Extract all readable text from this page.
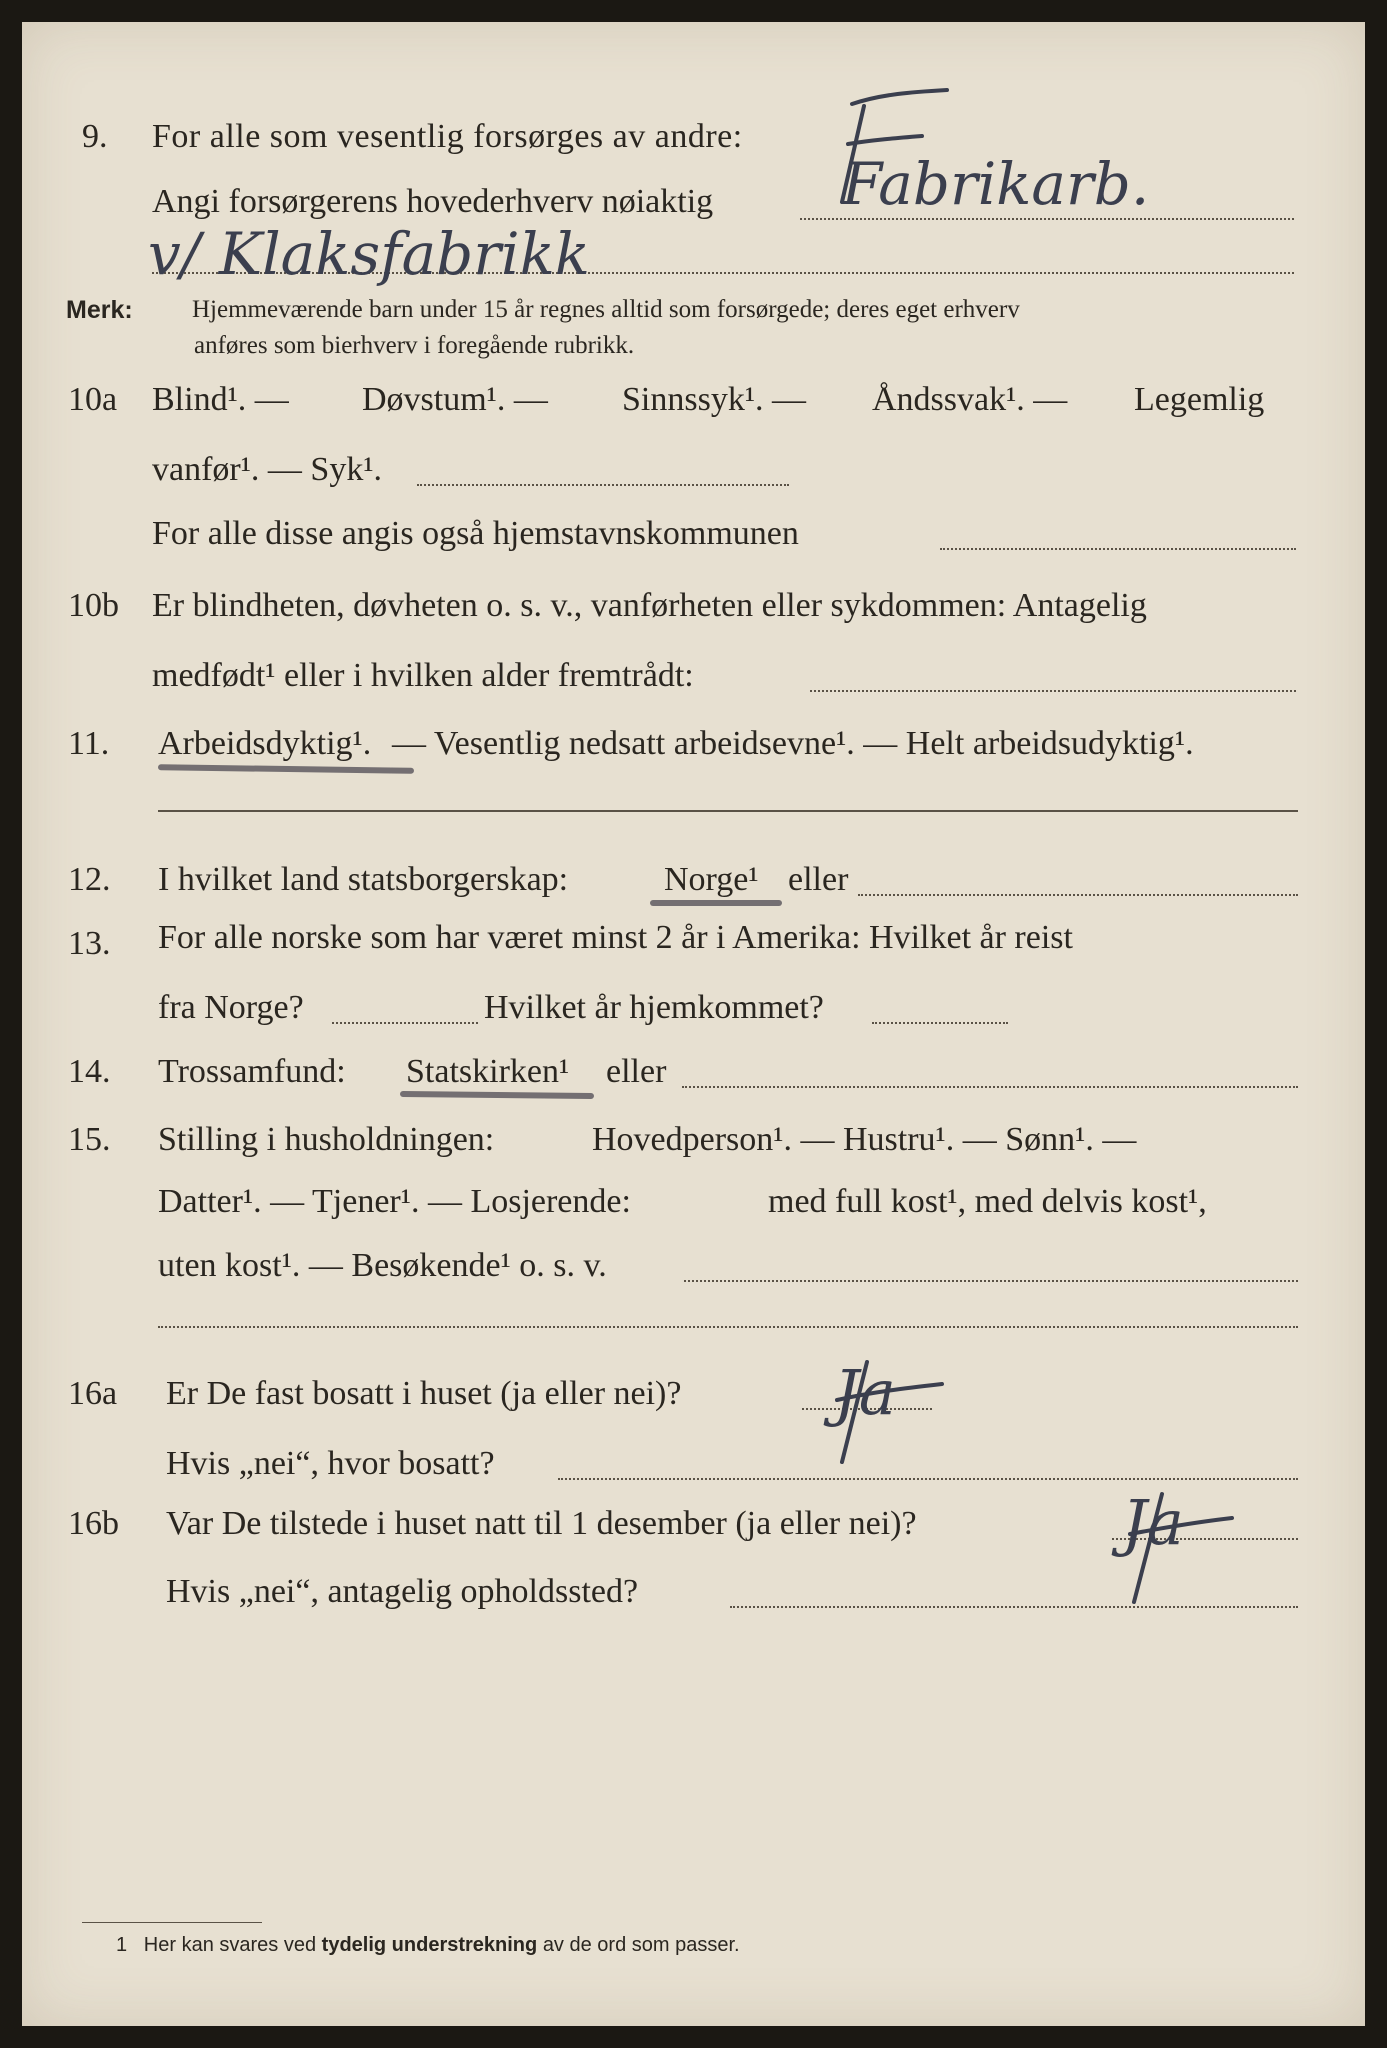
9. For alle som vesentlig forsørges av andre:
Angi forsørgerens hovederhverv nøiaktig
Merk: Hjemmeværende barn under 15 år regnes alltid som forsørgede; deres eget erhverv
anføres som bierhverv i foregående rubrikk.
10a Blind¹. — Døvstum¹. — Sinnssyk¹. — Åndssvak¹. — Legemlig
vanfør¹. — Syk¹.
For alle disse angis også hjemstavnskommunen
10b Er blindheten, døvheten o. s. v., vanførheten eller sykdommen: Antagelig
medfødt¹ eller i hvilken alder fremtrådt:
11. Arbeidsdyktig¹. — Vesentlig nedsatt arbeidsevne¹. — Helt arbeidsudyktig¹.
12. I hvilket land statsborgerskap:	Norge¹ eller
13. For alle norske som har været minst 2 år i Amerika: Hvilket år reist
fra Norge?	Hvilket år hjemkommet?
14. Trossamfund: Statskirken¹ eller
15. Stilling i husholdningen:	Hovedperson¹. — Hustru¹. — Sønn¹. —
Datter¹. — Tjener¹. — Losjerende:	med full kost¹, med delvis kost¹,
uten kost¹. — Besøkende¹ o. s. v.
16a Er De fast bosatt i huset (ja eller nei)?
Hvis „nei“, hvor bosatt?
16b Var De tilstede i huset natt til 1 desember (ja eller nei)?
Hvis „nei“, antagelig opholdssted?
1 Her kan svares ved tydelig understrekning av de ord som passer.
Fabrikarb.
v/ Klaksfabrikk
Ja
Ja
